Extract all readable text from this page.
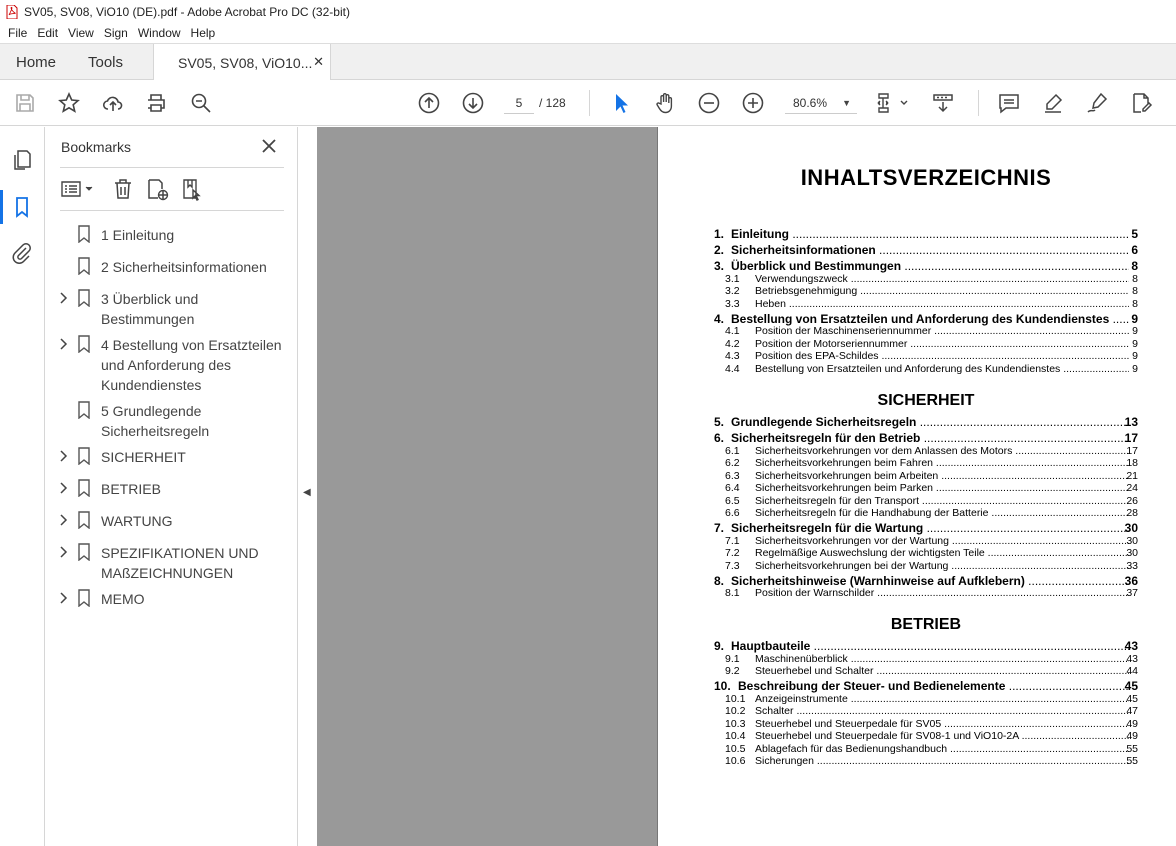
SV05, SV08, ViO10 (DE).pdf - Adobe Acrobat Pro DC (32-bit)
File Edit View Sign Window Help
Home Tools	SV05, SV08, ViO10... ✕
5	/ 128	80.6% ▼
Bookmarks
1 Einleitung
2 Sicherheitsinformationen
3 Überblick und Bestimmungen
4 Bestellung von Ersatzteilen und Anforderung des Kundendienstes
5 Grundlegende Sicherheitsregeln
SICHERHEIT
BETRIEB
WARTUNG
SPEZIFIKATIONEN UND MAßZEICHNUNGEN
MEMO
◀
INHALTSVERZEICHNIS
1. Einleitung .....	5
2. Sicherheitsinformationen .....	6
3. Überblick und Bestimmungen .....	8
3.1 Verwendungszweck .....	8
3.2 Betriebsgenehmigung .....	8
3.3 Heben .....	8
4. Bestellung von Ersatzteilen und Anforderung des Kundendienstes .....	9
4.1 Position der Maschinenseriennummer .....	9
4.2 Position der Motorseriennummer .....	9
4.3 Position des EPA-Schildes .....	9
4.4 Bestellung von Ersatzteilen und Anforderung des Kundendienstes .....	9
SICHERHEIT
5. Grundlegende Sicherheitsregeln .....	13
6. Sicherheitsregeln für den Betrieb .....	17
6.1 Sicherheitsvorkehrungen vor dem Anlassen des Motors .....	17
6.2 Sicherheitsvorkehrungen beim Fahren .....	18
6.3 Sicherheitsvorkehrungen beim Arbeiten .....	21
6.4 Sicherheitsvorkehrungen beim Parken .....	24
6.5 Sicherheitsregeln für den Transport .....	26
6.6 Sicherheitsregeln für die Handhabung der Batterie .....	28
7. Sicherheitsregeln für die Wartung .....	30
7.1 Sicherheitsvorkehrungen vor der Wartung .....	30
7.2 Regelmäßige Auswechslung der wichtigsten Teile .....	30
7.3 Sicherheitsvorkehrungen bei der Wartung .....	33
8. Sicherheitshinweise (Warnhinweise auf Aufklebern) .....	36
8.1 Position der Warnschilder .....	37
BETRIEB
9. Hauptbauteile .....	43
9.1 Maschinenüberblick .....	43
9.2 Steuerhebel und Schalter .....	44
10. Beschreibung der Steuer- und Bedienelemente .....	45
10.1 Anzeigeinstrumente .....	45
10.2 Schalter .....	47
10.3 Steuerhebel und Steuerpedale für SV05 .....	49
10.4 Steuerhebel und Steuerpedale für SV08-1 und ViO10-2A .....	49
10.5 Ablagefach für das Bedienungshandbuch .....	55
10.6 Sicherungen .....	55
